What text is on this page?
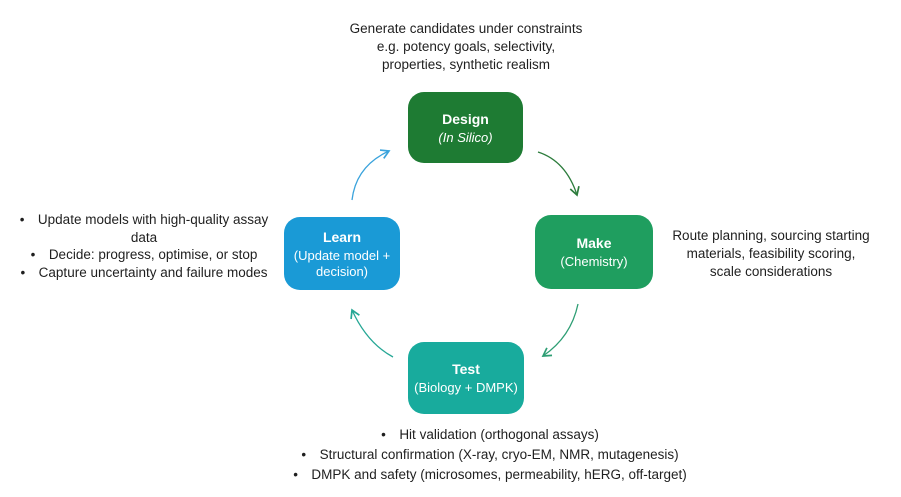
Generate candidates under constraints
e.g. potency goals, selectivity,
properties, synthetic realism
Route planning, sourcing starting
materials, feasibility scoring,
scale considerations
•  Update models with high-quality assay data
•  Decide: progress, optimise, or stop
•  Capture uncertainty and failure modes
•  Hit validation (orthogonal assays)
•  Structural confirmation (X-ray, cryo-EM, NMR, mutagenesis)
•  DMPK and safety (microsomes, permeability, hERG, off-target)
Design
(In Silico)
Make
(Chemistry)
Test
(Biology + DMPK)
Learn
(Update model + decision)
